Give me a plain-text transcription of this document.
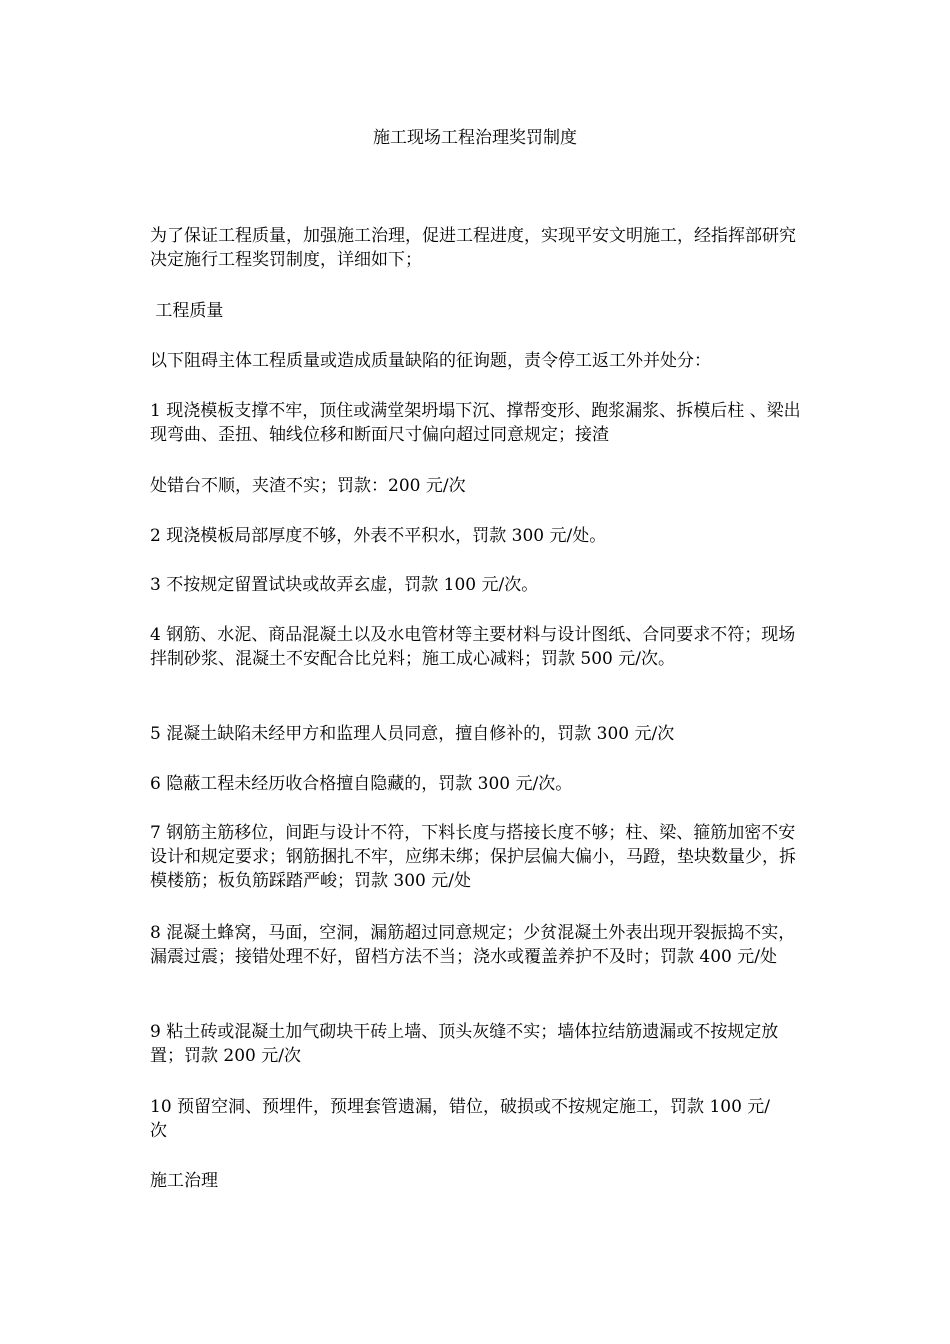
施工现场工程治理奖罚制度

为了保证工程质量，加强施工治理，促进工程进度，实现平安文明施工，经指挥部研究决定施行工程奖罚制度，详细如下；

工程质量

以下阻碍主体工程质量或造成质量缺陷的征询题，责令停工返工外并处分：

1 现浇模板支撑不牢，顶住或满堂架坍塌下沉、撑帮变形、跑浆漏浆、拆模后柱 、梁出现弯曲、歪扭、轴线位移和断面尺寸偏向超过同意规定；接渣

处错台不顺，夹渣不实；罚款：200 元/次

2 现浇模板局部厚度不够，外表不平积水，罚款 300 元/处。

3 不按规定留置试块或故弄玄虚，罚款 100 元/次。

4 钢筋、水泥、商品混凝土以及水电管材等主要材料与设计图纸、合同要求不符；现场拌制砂浆、混凝土不安配合比兑料；施工成心减料；罚款 500 元/次。

5 混凝土缺陷未经甲方和监理人员同意，擅自修补的，罚款 300 元/次

6 隐蔽工程未经历收合格擅自隐藏的，罚款 300 元/次。

7 钢筋主筋移位，间距与设计不符，下料长度与搭接长度不够；柱、梁、箍筋加密不安设计和规定要求；钢筋捆扎不牢，应绑未绑；保护层偏大偏小，马蹬，垫块数量少，拆模楼筋；板负筋踩踏严峻；罚款 300 元/处

8 混凝土蜂窝，马面，空洞，漏筋超过同意规定；少贫混凝土外表出现开裂振捣不实，漏震过震；接错处理不好，留档方法不当；浇水或覆盖养护不及时；罚款 400 元/处

9 粘土砖或混凝土加气砌块干砖上墙、顶头灰缝不实；墙体拉结筋遗漏或不按规定放置；罚款 200 元/次

10 预留空洞、预埋件，预埋套管遗漏，错位，破损或不按规定施工，罚款 100 元/次

施工治理
